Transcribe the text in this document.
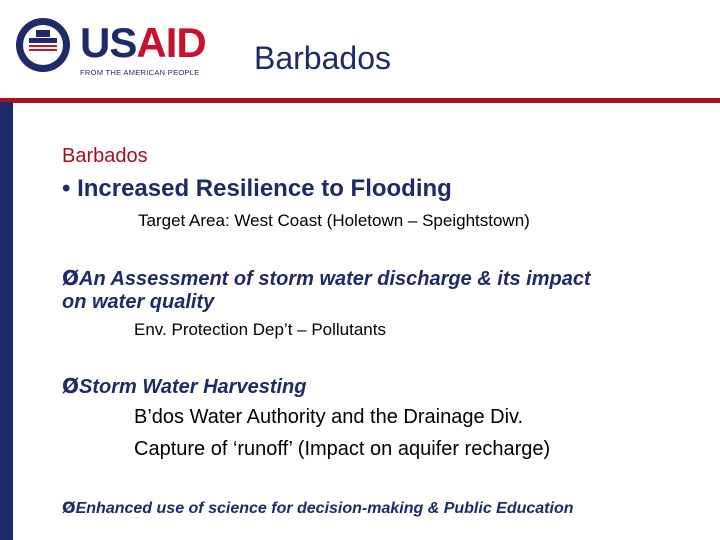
USAID
FROM THE AMERICAN PEOPLE Barbados
Barbados
• Increased Resilience to Flooding
Target Area: West Coast (Holetown – Speightstown)
ØAn Assessment of storm water discharge & its impact
on water quality
Env. Protection Dep’t – Pollutants
ØStorm Water Harvesting
B’dos Water Authority and the Drainage Div.
Capture of ‘runoff’ (Impact on aquifer recharge)
ØEnhanced use of science for decision-making & Public Education
